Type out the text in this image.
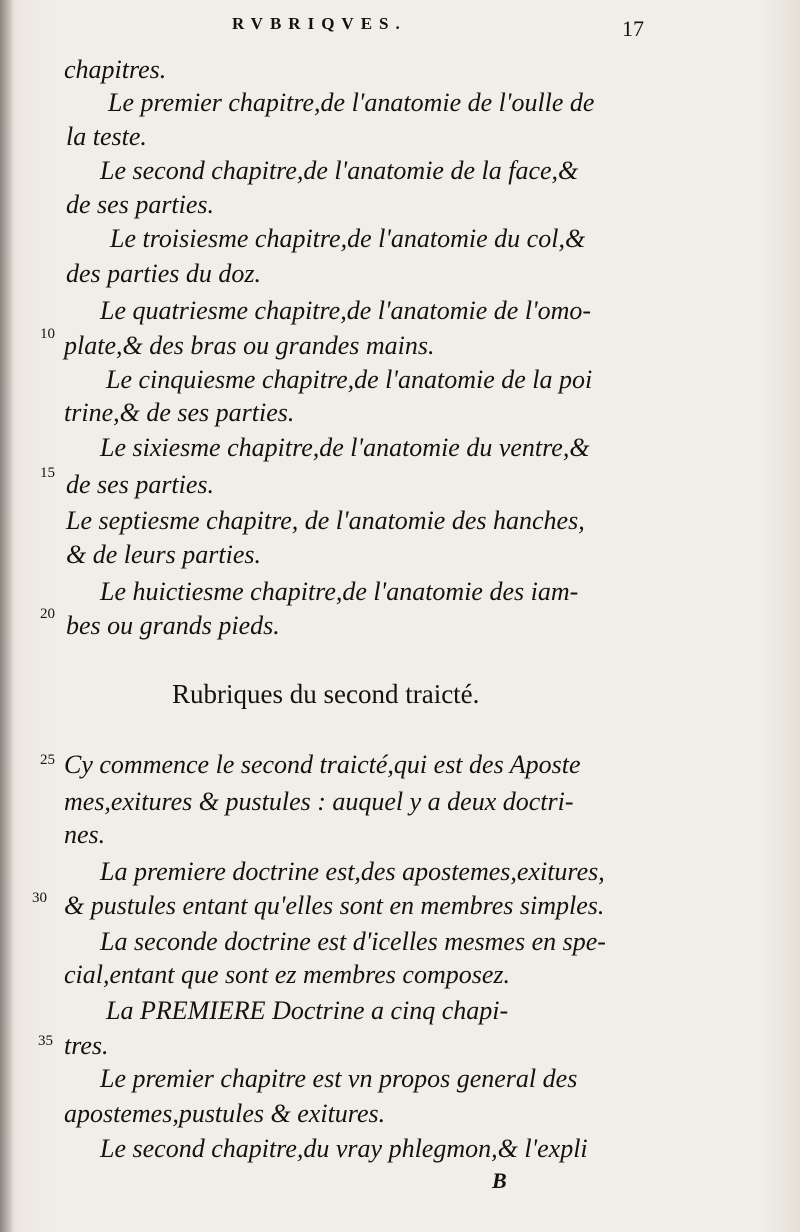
RVBRIQVES.	17
chapitres.
Le premier chapitre,de l'anatomie de l'oulle de
la teste.
Le second chapitre,de l'anatomie de la face,&
de ses parties.
Le troisiesme chapitre,de l'anatomie du col,&
des parties du doz.
Le quatriesme chapitre,de l'anatomie de l'omo-
plate,& des bras ou grandes mains.
Le cinquiesme chapitre,de l'anatomie de la poi
trine,& de ses parties.
Le sixiesme chapitre,de l'anatomie du ventre,&
de ses parties.
Le septiesme chapitre, de l'anatomie des hanches,
& de leurs parties.
Le huictiesme chapitre,de l'anatomie des iam-
bes ou grands pieds.
Rubriques du second traicté.
Cy commence le second traicté,qui est des Aposte
mes,exitures & pustules : auquel y a deux doctri-
nes.
La premiere doctrine est,des apostemes,exitures,
& pustules entant qu'elles sont en membres simples.
La seconde doctrine est d'icelles mesmes en spe-
cial,entant que sont ez membres composez.
La PREMIERE Doctrine a cinq chapi-
tres.
Le premier chapitre est vn propos general des
apostemes,pustules & exitures.
Le second chapitre,du vray phlegmon,& l'expli
10
15
20
25
30
35
B
